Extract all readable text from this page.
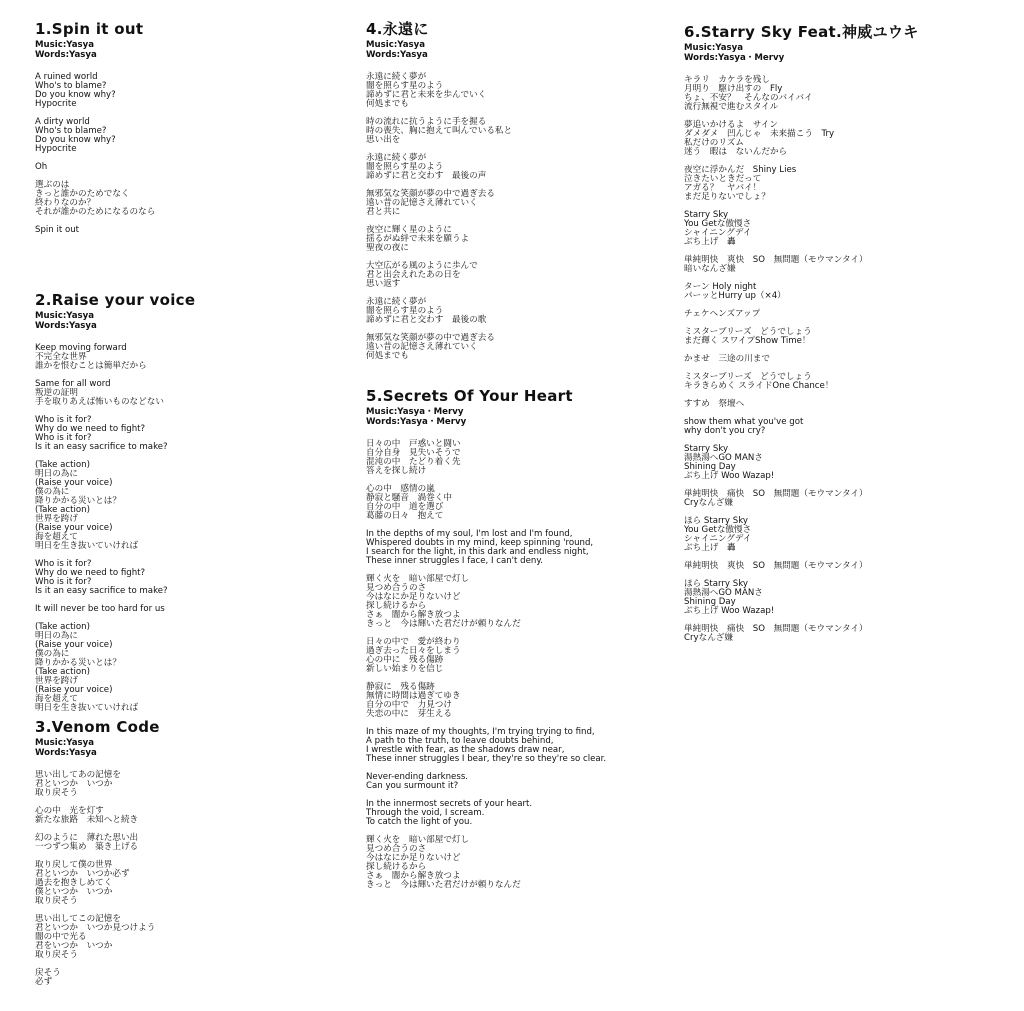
1.Spin it out
Music:Yasya
Words:Yasya
A ruined world
Who's to blame?
Do you know why?
Hypocrite
A dirty world
Who's to blame?
Do you know why?
Hypocrite
Oh
選ぶのは
きっと誰かのためでなく
終わりなのか？
それが誰かのためになるのなら
Spin it out
2.Raise your voice
Music:Yasya
Words:Yasya
Keep moving forward
不完全な世界
誰かを恨むことは簡単だから
Same for all word
叛逆の証明
手を取りあえば怖いものなどない
Who is it for?
Why do we need to fight?
Who is it for?
Is it an easy sacrifice to make?
(Take action)
明日の為に
(Raise your voice)
僕の為に
降りかかる災いとは？
(Take action)
世界を跨げ
(Raise your voice)
海を超えて
明日を生き抜いていければ
Who is it for?
Why do we need to fight?
Who is it for?
Is it an easy sacrifice to make?
It will never be too hard for us
(Take action)
明日の為に
(Raise your voice)
僕の為に
降りかかる災いとは？
(Take action)
世界を跨げ
(Raise your voice)
海を超えて
明日を生き抜いていければ
3.Venom Code
Music:Yasya
Words:Yasya
思い出してあの記憶を
君といつか　いつか
取り戻そう
心の中　光を灯す
新たな旅路　未知へと続き
幻のように　薄れた思い出
一つずつ集め　築き上げる
取り戻して僕の世界
君といつか　いつか必ず
過去を抱きしめてく
僕といつか　いつか
取り戻そう
思い出してこの記憶を
君といつか　いつか見つけよう
闇の中で光る
君をいつか　いつか
取り戻そう
戻そう
必ず
4.永遠に
Music:Yasya
Words:Yasya
永遠に続く夢が
闇を照らす星のよう
諦めずに君と未来を歩んでいく
何処までも
時の流れに抗うように手を握る
時の喪失、胸に抱えて叫んでいる私と
思い出を
永遠に続く夢が
闇を照らす星のよう
諦めずに君と交わす　最後の声
無邪気な笑顔が夢の中で過ぎ去る
遠い昔の記憶さえ薄れていく
君と共に
夜空に輝く星のように
揺るがぬ絆で未来を願うよ
聖夜の夜に
大空広がる風のように歩んで
君と出会えれたあの日を
思い返す
永遠に続く夢が
闇を照らす星のよう
諦めずに君と交わす　最後の歌
無邪気な笑顔が夢の中で過ぎ去る
遠い昔の記憶さえ薄れていく
何処までも
5.Secrets Of Your Heart
Music:Yasya・Mervy
Words:Yasya・Mervy
日々の中　戸惑いと闘い
自分自身　見失いそうで
混沌の中　たどり着く先
答えを探し続け
心の中　感情の嵐
静寂と騒音　渦巻く中
自分の中　道を選び
葛藤の日々　抱えて
In the depths of my soul, I'm lost and I'm found,
Whispered doubts in my mind, keep spinning 'round,
I search for the light, in this dark and endless night,
These inner struggles I face, I can't deny.
輝く火を　暗い部屋で灯し
見つめ合うのさ
今はなにか足りないけど
探し続けるから
さぁ　闇から解き放つよ
きっと　今は輝いた君だけが頼りなんだ
日々の中で　愛が終わり
過ぎ去った日々をしまう
心の中に　残る傷跡
新しい始まりを信じ
静寂に　残る傷跡
無情に時間は過ぎてゆき
自分の中で　力見つけ
失恋の中に　芽生える
In this maze of my thoughts, I'm trying trying to find,
A path to the truth, to leave doubts behind,
I wrestle with fear, as the shadows draw near,
These inner struggles I bear, they're so they're so clear.
Never-ending darkness.
Can you surmount it?
In the innermost secrets of your heart.
Through the void, I scream.
To catch the light of you.
輝く火を　暗い部屋で灯し
見つめ合うのさ
今はなにか足りないけど
探し続けるから
さぁ　闇から解き放つよ
きっと　今は輝いた君だけが頼りなんだ
6.Starry Sky Feat.神威ユウキ
Music:Yasya
Words:Yasya・Mervy
キラリ　カケラを残し
月明り　駆け出すの　Fly
ちょ、不安？　そんなのバイバイ
流行無視で進むスタイル
夢追いかけるよ　サイン
ダメダメ　凹んじゃ　未来描こう　Try
私だけのリズム
迷う　暇は　ないんだから
夜空に浮かんだ　Shiny Lies
泣きたいときだって
アガる？　ヤバイ！
まだ足りないでしょ？
Starry Sky
You Getな傲慢さ
シャイニングデイ
ぶち上げ　轟
単純明快　爽快　SO　無問題（モウマンタイ）
暗いなんざ嫌
ターン Holy night
パーッとHurry up（×4）
チェケヘンズアップ
ミスターブリーズ　どうでしょう
まだ輝く スワイプShow Time！
かませ　三途の川まで
ミスターブリーズ　どうでしょう
キラきらめく スライドOne Chance！
すすめ　祭壇へ
show them what you've got
why don't you cry?
Starry Sky
湯熱湯へGO MANさ
Shining Day
ぶち上げ Woo Wazap!
単純明快　痛快　SO　無問題（モウマンタイ）
Cryなんざ嫌
ほら Starry Sky
You Getな傲慢さ
シャイニングデイ
ぶち上げ　轟
単純明快　爽快　SO　無問題（モウマンタイ）
ほら Starry Sky
湯熱湯へGO MANさ
Shining Day
ぶち上げ Woo Wazap!
単純明快　痛快　SO　無問題（モウマンタイ）
Cryなんざ嫌
